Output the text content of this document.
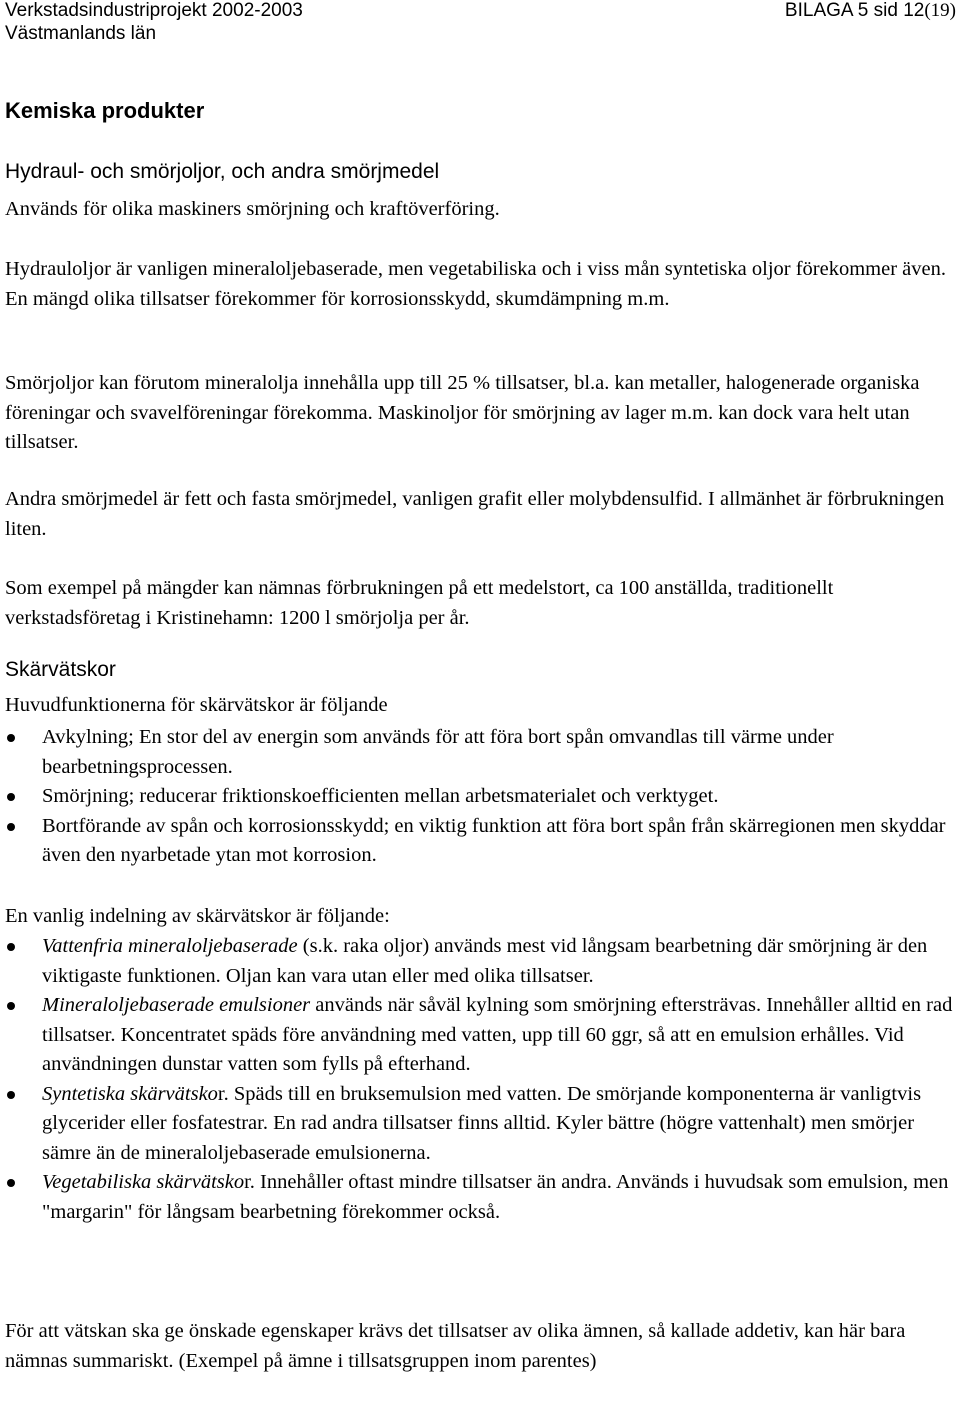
Verkstadsindustriprojekt 2002-2003
Västmanlands län
BILAGA 5 sid 12(19)
Kemiska produkter
Hydraul- och smörjoljor, och andra smörjmedel

Används för olika maskiners smörjning och kraftöverföring.

Hydrauloljor är vanligen mineraloljebaserade, men vegetabiliska och i viss mån syntetiska oljor förekommer även. En mängd olika tillsatser förekommer för korrosionsskydd, skumdämpning m.m.

Smörjoljor kan förutom mineralolja innehålla upp till 25 % tillsatser, bl.a. kan metaller, halogenerade organiska föreningar och svavelföreningar förekomma. Maskinoljor för smörjning av lager m.m. kan dock vara helt utan tillsatser.

Andra smörjmedel är fett och fasta smörjmedel, vanligen grafit eller molybdensulfid. I allmänhet är förbrukningen liten.

Som exempel på mängder kan nämnas förbrukningen på ett medelstort, ca 100 anställda, traditionellt verkstadsföretag i Kristinehamn: 1200 l smörjolja per år.

Skärvätskor

Huvudfunktionerna för skärvätskor är följande

Avkylning; En stor del av energin som används för att föra bort spån omvandlas till värme under bearbetningsprocessen.
Smörjning; reducerar friktionskoefficienten mellan arbetsmaterialet och verktyget.
Bortförande av spån och korrosionsskydd; en viktig funktion att föra bort spån från skärregionen men skyddar även den nyarbetade ytan mot korrosion.

En vanlig indelning av skärvätskor är följande:

Vattenfria mineraloljebaserade (s.k. raka oljor) används mest vid långsam bearbetning där smörjning är den viktigaste funktionen. Oljan kan vara utan eller med olika tillsatser.
Mineraloljebaserade emulsioner används när såväl kylning som smörjning eftersträvas. Innehåller alltid en rad tillsatser. Koncentratet späds före användning med vatten, upp till 60 ggr, så att en emulsion erhålles. Vid användningen dunstar vatten som fylls på efterhand.
Syntetiska skärvätskor. Späds till en bruksemulsion med vatten. De smörjande komponenterna är vanligtvis glycerider eller fosfatestrar. En rad andra tillsatser finns alltid. Kyler bättre (högre vattenhalt) men smörjer sämre än de mineraloljebaserade emulsionerna.
Vegetabiliska skärvätskor. Innehåller oftast mindre tillsatser än andra. Används i huvudsak som emulsion, men "margarin" för långsam bearbetning förekommer också.

För att vätskan ska ge önskade egenskaper krävs det tillsatser av olika ämnen, så kallade addetiv, kan här bara nämnas summariskt. (Exempel på ämne i tillsatsgruppen inom parentes)
